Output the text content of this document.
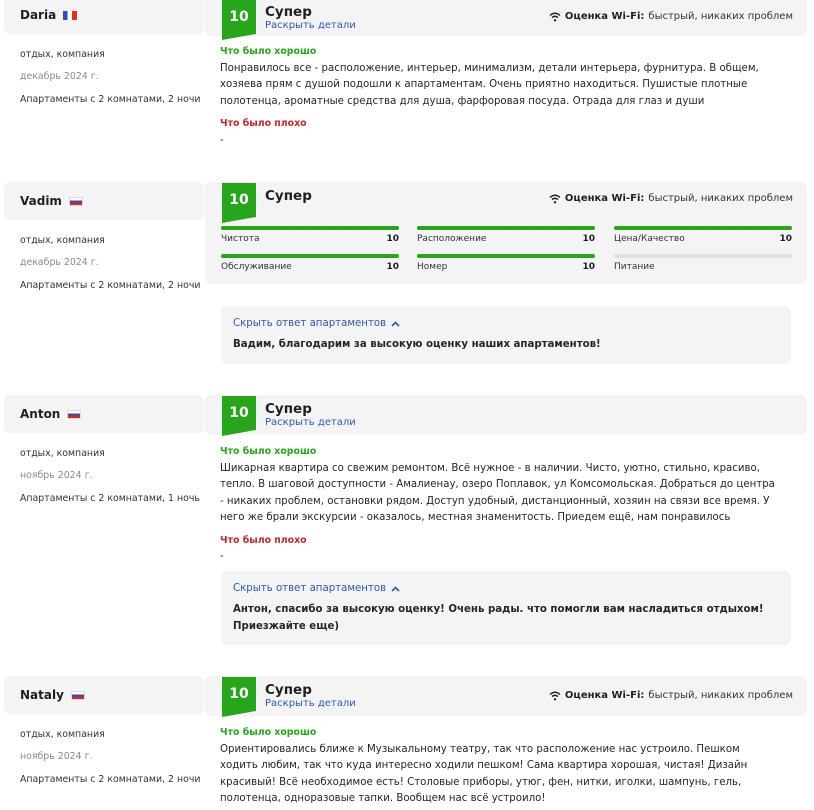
Daria
отдых, компания
декабрь 2024 г.
Апартаменты с 2 комнатами, 2 ночи
10	Супер
Раскрыть детали
Оценка Wi-Fi: быстрый, никаких проблем
Что было хорошо
Понравилось все - расположение, интерьер, минимализм, детали интерьера, фурнитура. В общем, хозяева прям с душой подошли к апартаментам. Очень приятно находиться. Пушистые плотные полотенца, ароматные средства для душа, фарфоровая посуда. Отрада для глаз и души
Что было плохо
-
Vadim
отдых, компания
декабрь 2024 г.
Апартаменты с 2 комнатами, 2 ночи
10	Супер	Оценка Wi-Fi: быстрый, никаких проблем
Чистота	10 Расположение	10 Цена/Качество	10
Обслуживание	10 Номер	10 Питание
Скрыть ответ апартаментов
Вадим, благодарим за высокую оценку наших апартаментов!
Anton
отдых, компания
ноябрь 2024 г.
Апартаменты с 2 комнатами, 1 ночь
10	Супер
Раскрыть детали
Что было хорошо
Шикарная квартира со свежим ремонтом. Всё нужное - в наличии. Чисто, уютно, стильно, красиво, тепло. В шаговой доступности - Амалиенау, озеро Поплавок, ул Комсомольская. Добраться до центра - никаких проблем, остановки рядом. Доступ удобный, дистанционный, хозяин на связи все время. У него же брали экскурсии - оказалось, местная знаменитость. Приедем ещё, нам понравилось
Что было плохо
-
Скрыть ответ апартаментов
Антон, спасибо за высокую оценку! Очень рады. что помогли вам насладиться отдыхом! Приезжайте еще)
Nataly
отдых, компания
ноябрь 2024 г.
Апартаменты с 2 комнатами, 2 ночи
10	Супер
Раскрыть детали
Оценка Wi-Fi: быстрый, никаких проблем
Что было хорошо
Ориентировались ближе к Музыкальному театру, так что расположение нас устроило. Пешком ходить любим, так что куда интересно ходили пешком! Сама квартира хорошая, чистая! Дизайн красивый! Всё необходимое есть! Столовые приборы, утюг, фен, нитки, иголки, шампунь, гель, полотенца, одноразовые тапки. Вообщем нас всё устроило!
